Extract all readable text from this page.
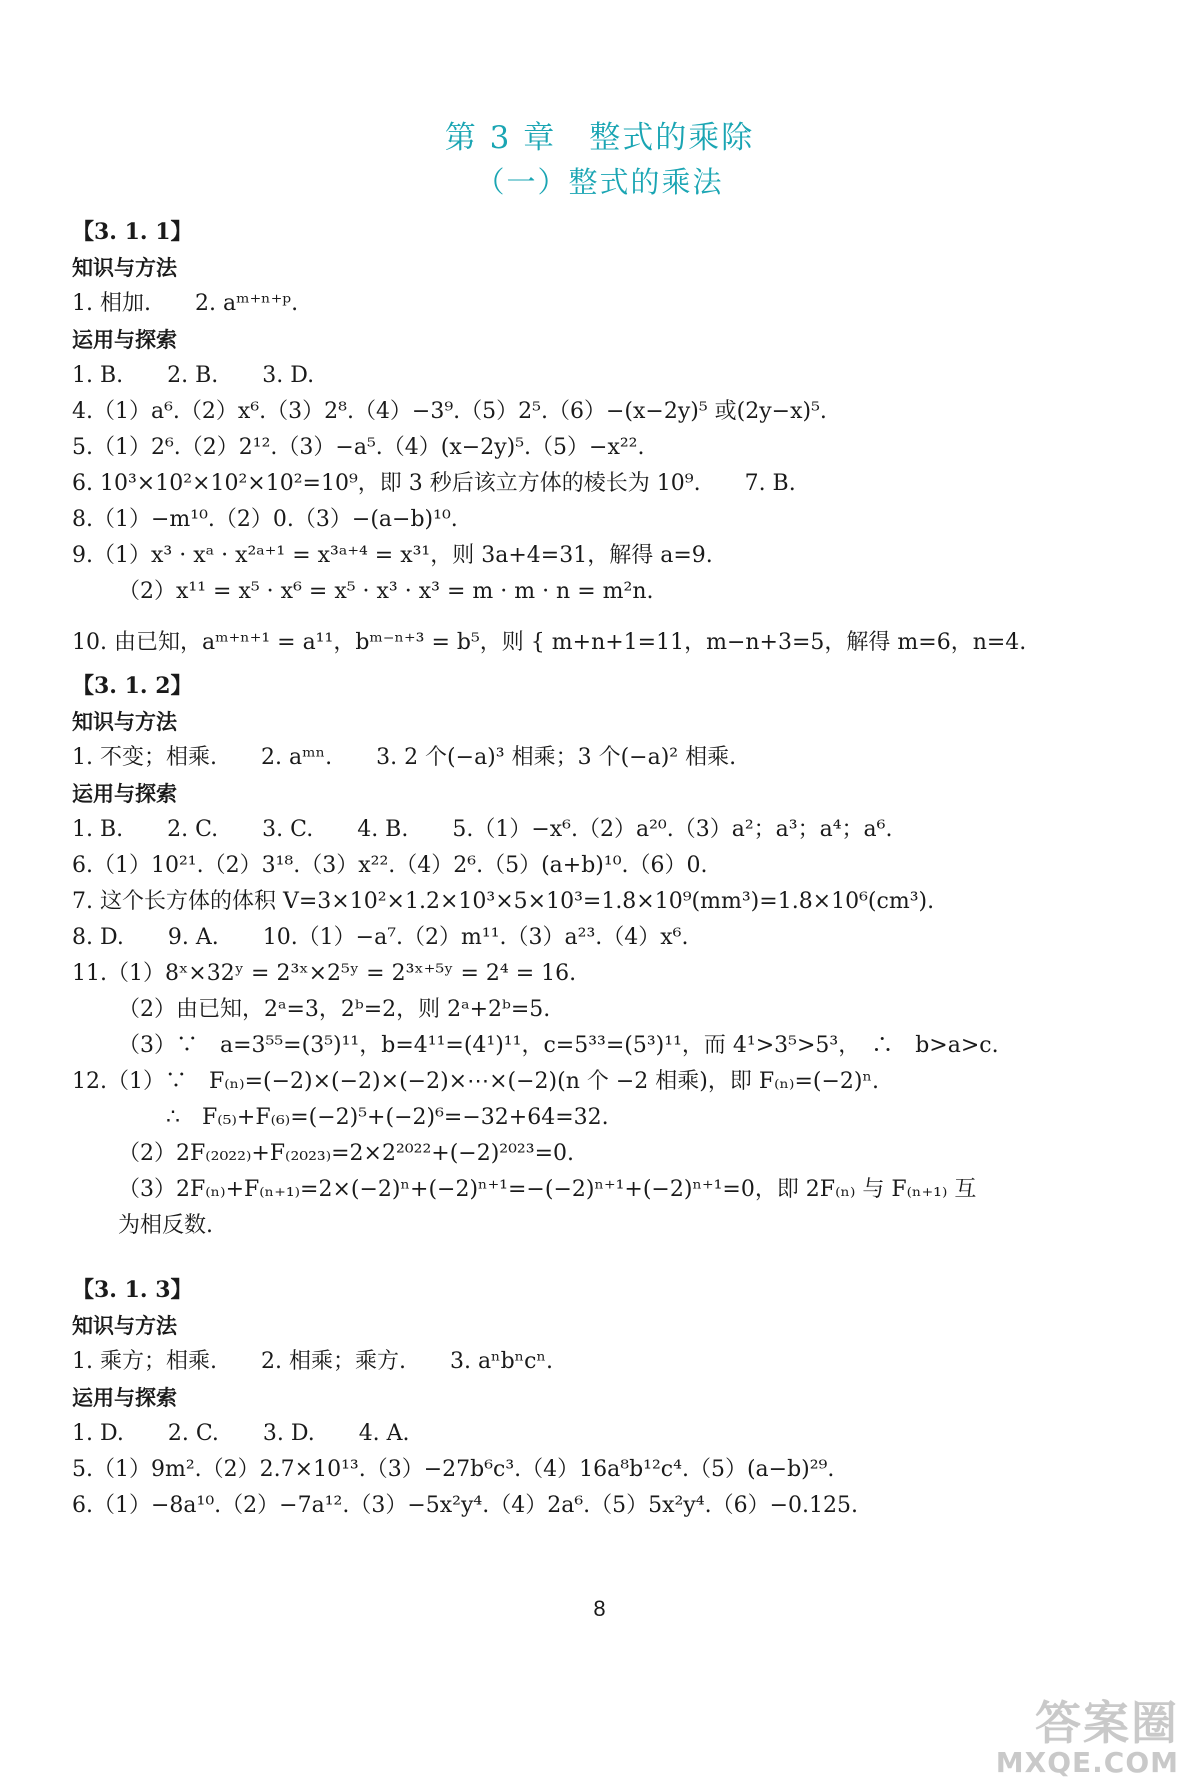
第 3 章　整式的乘除
（一）整式的乘法
【3. 1. 1】
知识与方法
1. 相加.　　2. aᵐ⁺ⁿ⁺ᵖ.
运用与探索
1. B.　　2. B.　　3. D.
4.（1）a⁶.（2）x⁶.（3）2⁸.（4）−3⁹.（5）2⁵.（6）−(x−2y)⁵ 或(2y−x)⁵.
5.（1）2⁶.（2）2¹².（3）−a⁵.（4）(x−2y)⁵.（5）−x²².
6. 10³×10²×10²×10²=10⁹，即 3 秒后该立方体的棱长为 10⁹.　　7. B.
8.（1）−m¹⁰.（2）0.（3）−(a−b)¹⁰.
9.（1）x³ · xᵃ · x²ᵃ⁺¹ = x³ᵃ⁺⁴ = x³¹，则 3a+4=31，解得 a=9.
（2）x¹¹ = x⁵ · x⁶ = x⁵ · x³ · x³ = m · m · n = m²n.
10. 由已知，aᵐ⁺ⁿ⁺¹ = a¹¹，bᵐ⁻ⁿ⁺³ = b⁵，则 { m+n+1=11，m−n+3=5，解得 m=6，n=4.
【3. 1. 2】
知识与方法
1. 不变；相乘.　　2. aᵐⁿ.　　3. 2 个(−a)³ 相乘；3 个(−a)² 相乘.
运用与探索
1. B.　　2. C.　　3. C.　　4. B.　　5.（1）−x⁶.（2）a²⁰.（3）a²；a³；a⁴；a⁶.
6.（1）10²¹.（2）3¹⁸.（3）x²².（4）2⁶.（5）(a+b)¹⁰.（6）0.
7. 这个长方体的体积 V=3×10²×1.2×10³×5×10³=1.8×10⁹(mm³)=1.8×10⁶(cm³).
8. D.　　9. A.　　10.（1）−a⁷.（2）m¹¹.（3）a²³.（4）x⁶.
11.（1）8ˣ×32ʸ = 2³ˣ×2⁵ʸ = 2³ˣ⁺⁵ʸ = 2⁴ = 16.
（2）由已知，2ᵃ=3，2ᵇ=2，则 2ᵃ+2ᵇ=5.
（3）∵　a=3⁵⁵=(3⁵)¹¹，b=4¹¹=(4¹)¹¹，c=5³³=(5³)¹¹，而 4¹>3⁵>5³，　∴　b>a>c.
12.（1）∵　F₍ₙ₎=(−2)×(−2)×(−2)×⋯×(−2)(n 个 −2 相乘)，即 F₍ₙ₎=(−2)ⁿ.
∴　F₍₅₎+F₍₆₎=(−2)⁵+(−2)⁶=−32+64=32.
（2）2F₍₂₀₂₂₎+F₍₂₀₂₃₎=2×2²⁰²²+(−2)²⁰²³=0.
（3）2F₍ₙ₎+F₍ₙ₊₁₎=2×(−2)ⁿ+(−2)ⁿ⁺¹=−(−2)ⁿ⁺¹+(−2)ⁿ⁺¹=0，即 2F₍ₙ₎ 与 F₍ₙ₊₁₎ 互
为相反数.
【3. 1. 3】
知识与方法
1. 乘方；相乘.　　2. 相乘；乘方.　　3. aⁿbⁿcⁿ.
运用与探索
1. D.　　2. C.　　3. D.　　4. A.
5.（1）9m².（2）2.7×10¹³.（3）−27b⁶c³.（4）16a⁸b¹²c⁴.（5）(a−b)²⁹.
6.（1）−8a¹⁰.（2）−7a¹².（3）−5x²y⁴.（4）2a⁶.（5）5x²y⁴.（6）−0.125.
8
答案圈
MXQE.COM
